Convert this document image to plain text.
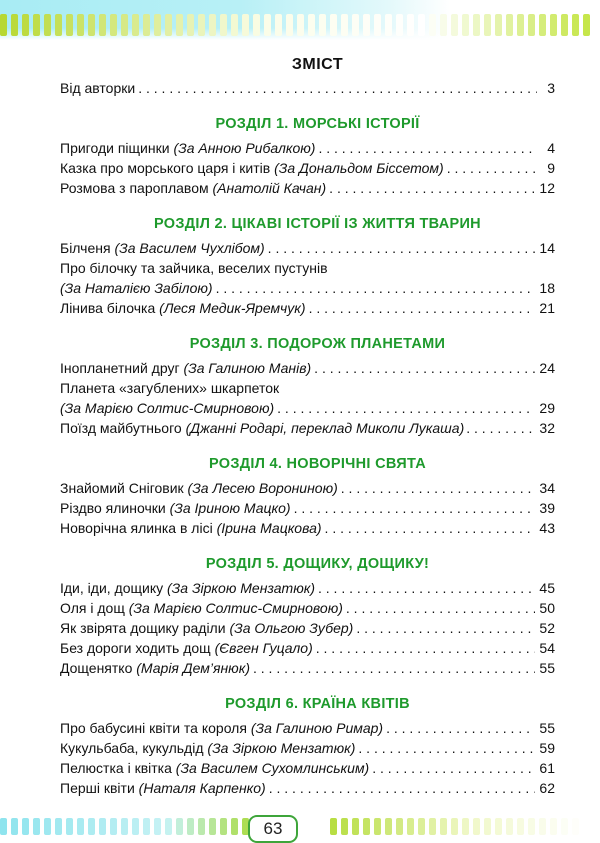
ЗМІСТ
Від авторки . . .	3
РОЗДІЛ 1. МОРСЬКІ ІСТОРІЇ
Пригоди піщинки (За Анною Рибалкою) . . .	4
Казка про морського царя і китів (За Дональдом Біссетом) . . .	9
Розмова з пароплавом (Анатолій Качан) . . .	12
РОЗДІЛ 2. ЦІКАВІ ІСТОРІЇ ІЗ ЖИТТЯ ТВАРИН
Білченя (За Василем Чухлібом) . . .	14
Про білочку та зайчика, веселих пустунів
(За Наталією Забілою) . . .	18
Лінива білочка (Леся Медик-Яремчук) . . .	21
РОЗДІЛ 3. ПОДОРОЖ ПЛАНЕТАМИ
Інопланетний друг (За Галиною Манів) . . .	24
Планета «загублених» шкарпеток
(За Марією Солтис-Смирновою) . . .	29
Поїзд майбутнього (Джанні Родарі, переклад Миколи Лукаша) . . .	32
РОЗДІЛ 4. НОВОРІЧНІ СВЯТА
Знайомий Сніговик (За Лесею Ворониною) . . .	34
Різдво ялиночки (За Іриною Мацко) . . .	39
Новорічна ялинка в лісі (Ірина Мацкова) . . .	43
РОЗДІЛ 5. ДОЩИКУ, ДОЩИКУ!
Іди, іди, дощику (За Зіркою Мензатюк) . . .	45
Оля і дощ (За Марією Солтис-Смирновою) . . .	50
Як звірята дощику раділи (За Ольгою Зубер) . . .	52
Без дороги ходить дощ (Євген Гуцало) . . .	54
Дощенятко (Марія Дем’янюк) . . .	55
РОЗДІЛ 6. КРАЇНА КВІТІВ
Про бабусині квіти та короля (За Галиною Римар) . . .	55
Кукульбаба, кукульдід (За Зіркою Мензатюк) . . .	59
Пелюстка і квітка (За Василем Сухомлинським) . . .	61
Перші квіти (Наталя Карпенко) . . .	62
63
